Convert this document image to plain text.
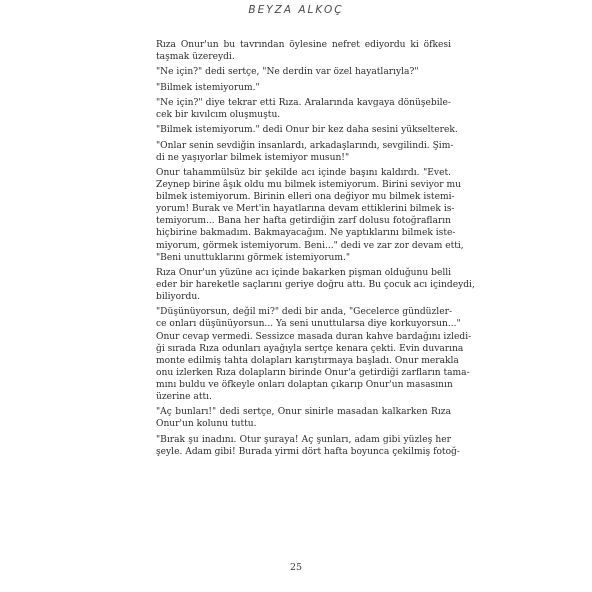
BEYZA ALKOÇ

Rıza Onur'un bu tavrından öylesine nefret ediyordu ki öfkesi
taşmak üzereydi.

"Ne için?" dedi sertçe, "Ne derdin var özel hayatlarıyla?"

"Bilmek istemiyorum."

"Ne için?" diye tekrar etti Rıza. Aralarında kavgaya dönüşebile-
cek bir kıvılcım oluşmuştu.

"Bilmek istemiyorum." dedi Onur bir kez daha sesini yükselterek.

"Onlar senin sevdiğin insanlardı, arkadaşlarındı, sevgilindi. Şim-
di ne yaşıyorlar bilmek istemiyor musun!"

Onur tahammülsüz bir şekilde acı içinde başını kaldırdı. "Evet.
Zeynep birine âşık oldu mu bilmek istemiyorum. Birini seviyor mu
bilmek istemiyorum. Birinin elleri ona değiyor mu bilmek istemi-
yorum! Burak ve Mert'in hayatlarına devam ettiklerini bilmek is-
temiyorum... Bana her hafta getirdiğin zarf dolusu fotoğrafların
hiçbirine bakmadım. Bakmayacağım. Ne yaptıklarını bilmek iste-
miyorum, görmek istemiyorum. Beni..." dedi ve zar zor devam etti,
"Beni unuttuklarını görmek istemiyorum."

Rıza Onur'un yüzüne acı içinde bakarken pişman olduğunu belli
eder bir hareketle saçlarını geriye doğru attı. Bu çocuk acı içindeydi,
biliyordu.

"Düşünüyorsun, değil mi?" dedi bir anda, "Gecelerce gündüzler-
ce onları düşünüyorsun... Ya seni unuttularsa diye korkuyorsun..."
Onur cevap vermedi. Sessizce masada duran kahve bardağını izledi-
ği sırada Rıza odunları ayağıyla sertçe kenara çekti. Evin duvarına
monte edilmiş tahta dolapları karıştırmaya başladı. Onur merakla
onu izlerken Rıza dolapların birinde Onur'a getirdiği zarfların tama-
mını buldu ve öfkeyle onları dolaptan çıkarıp Onur'un masasının
üzerine attı.

"Aç bunları!" dedi sertçe, Onur sinirle masadan kalkarken Rıza
Onur'un kolunu tuttu.

"Bırak şu inadını. Otur şuraya! Aç şunları, adam gibi yüzleş her
şeyle. Adam gibi! Burada yirmi dört hafta boyunca çekilmiş fotoğ-

25
